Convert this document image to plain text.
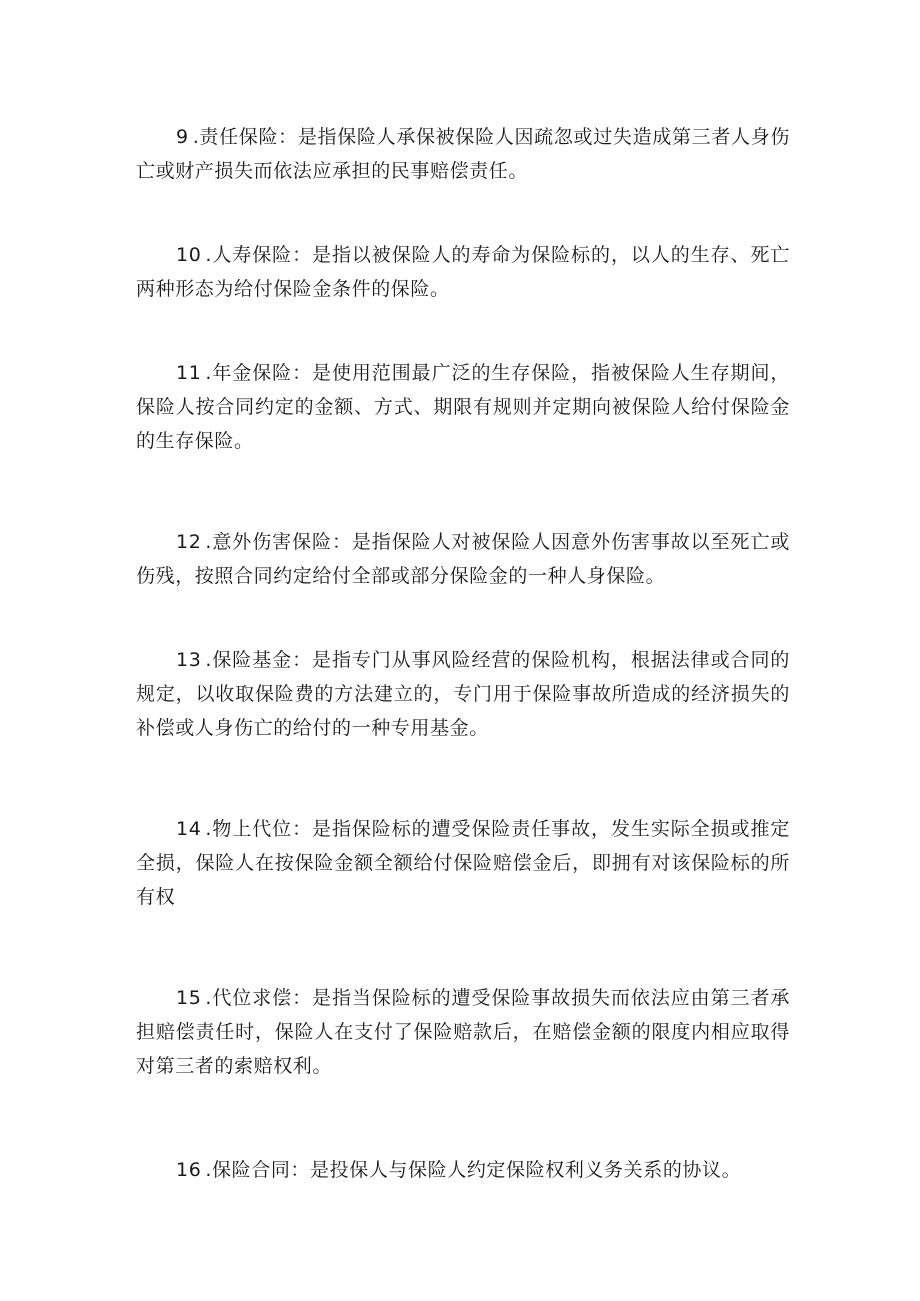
9 .责任保险：是指保险人承保被保险人因疏忽或过失造成第三者人身伤亡或财产损失而依法应承担的民事赔偿责任。

10 .人寿保险：是指以被保险人的寿命为保险标的，以人的生存、死亡两种形态为给付保险金条件的保险。

11 .年金保险：是使用范围最广泛的生存保险，指被保险人生存期间，保险人按合同约定的金额、方式、期限有规则并定期向被保险人给付保险金的生存保险。

12 .意外伤害保险：是指保险人对被保险人因意外伤害事故以至死亡或伤残，按照合同约定给付全部或部分保险金的一种人身保险。

13 .保险基金：是指专门从事风险经营的保险机构，根据法律或合同的规定，以收取保险费的方法建立的，专门用于保险事故所造成的经济损失的补偿或人身伤亡的给付的一种专用基金。

14 .物上代位：是指保险标的遭受保险责任事故，发生实际全损或推定全损，保险人在按保险金额全额给付保险赔偿金后，即拥有对该保险标的所有权

15 .代位求偿：是指当保险标的遭受保险事故损失而依法应由第三者承担赔偿责任时，保险人在支付了保险赔款后，在赔偿金额的限度内相应取得对第三者的索赔权利。

16 .保险合同：是投保人与保险人约定保险权利义务关系的协议。
